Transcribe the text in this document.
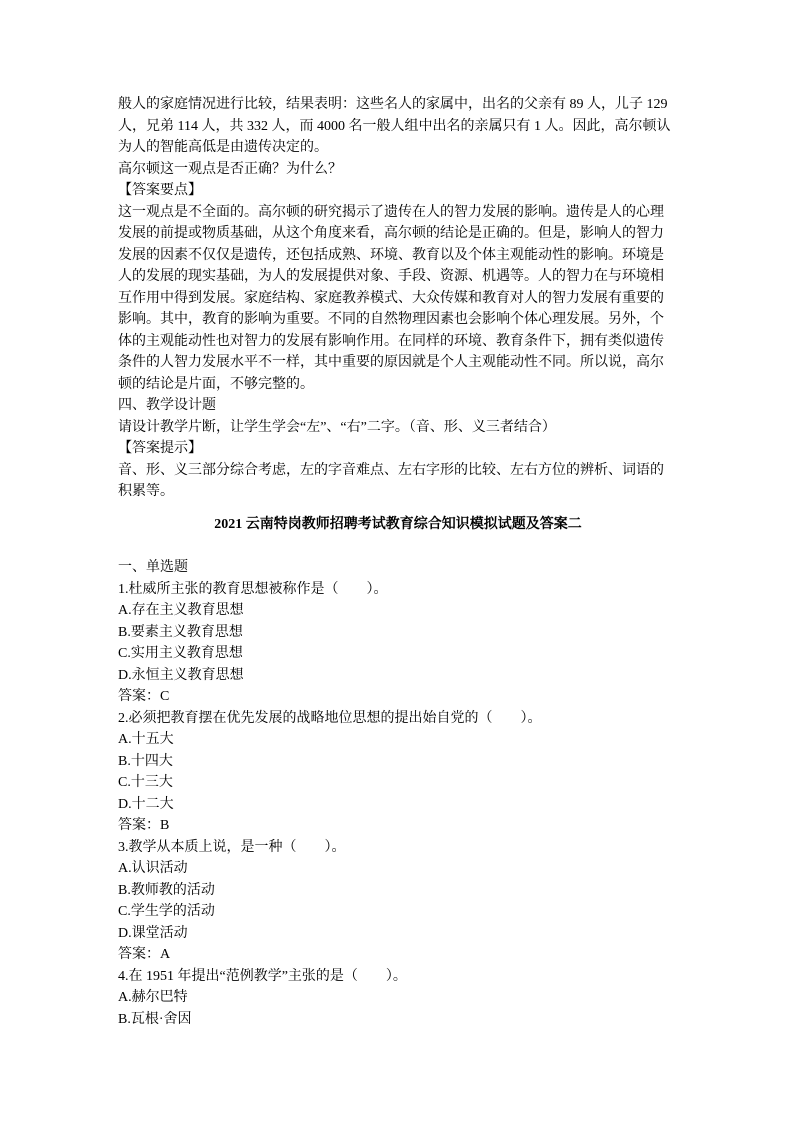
般人的家庭情况进行比较，结果表明：这些名人的家属中，出名的父亲有 89 人，儿子 129
人，兄弟 114 人，共 332 人，而 4000 名一般人组中出名的亲属只有 1 人。因此，高尔顿认
为人的智能高低是由遗传决定的。
高尔顿这一观点是否正确？为什么？
【答案要点】
这一观点是不全面的。高尔顿的研究揭示了遗传在人的智力发展的影响。遗传是人的心理
发展的前提或物质基础，从这个角度来看，高尔顿的结论是正确的。但是，影响人的智力
发展的因素不仅仅是遗传，还包括成熟、环境、教育以及个体主观能动性的影响。环境是
人的发展的现实基础，为人的发展提供对象、手段、资源、机遇等。人的智力在与环境相
互作用中得到发展。家庭结构、家庭教养模式、大众传媒和教育对人的智力发展有重要的
影响。其中，教育的影响为重要。不同的自然物理因素也会影响个体心理发展。另外，个
体的主观能动性也对智力的发展有影响作用。在同样的环境、教育条件下，拥有类似遗传
条件的人智力发展水平不一样，其中重要的原因就是个人主观能动性不同。所以说，高尔
顿的结论是片面，不够完整的。
四、教学设计题
请设计教学片断，让学生学会“左”、“右”二字。（音、形、义三者结合）
【答案提示】
音、形、义三部分综合考虑，左的字音难点、左右字形的比较、左右方位的辨析、词语的
积累等。
2021 云南特岗教师招聘考试教育综合知识模拟试题及答案二
一、单选题
1.杜威所主张的教育思想被称作是（　　）。
A.存在主义教育思想
B.要素主义教育思想
C.实用主义教育思想
D.永恒主义教育思想
答案：C
2.必须把教育摆在优先发展的战略地位思想的提出始自党的（　　）。
A.十五大
B.十四大
C.十三大
D.十二大
答案：B
3.教学从本质上说，是一种（　　）。
A.认识活动
B.教师教的活动
C.学生学的活动
D.课堂活动
答案：A
4.在 1951 年提出“范例教学”主张的是（　　）。
A.赫尔巴特
B.瓦根·舍因
